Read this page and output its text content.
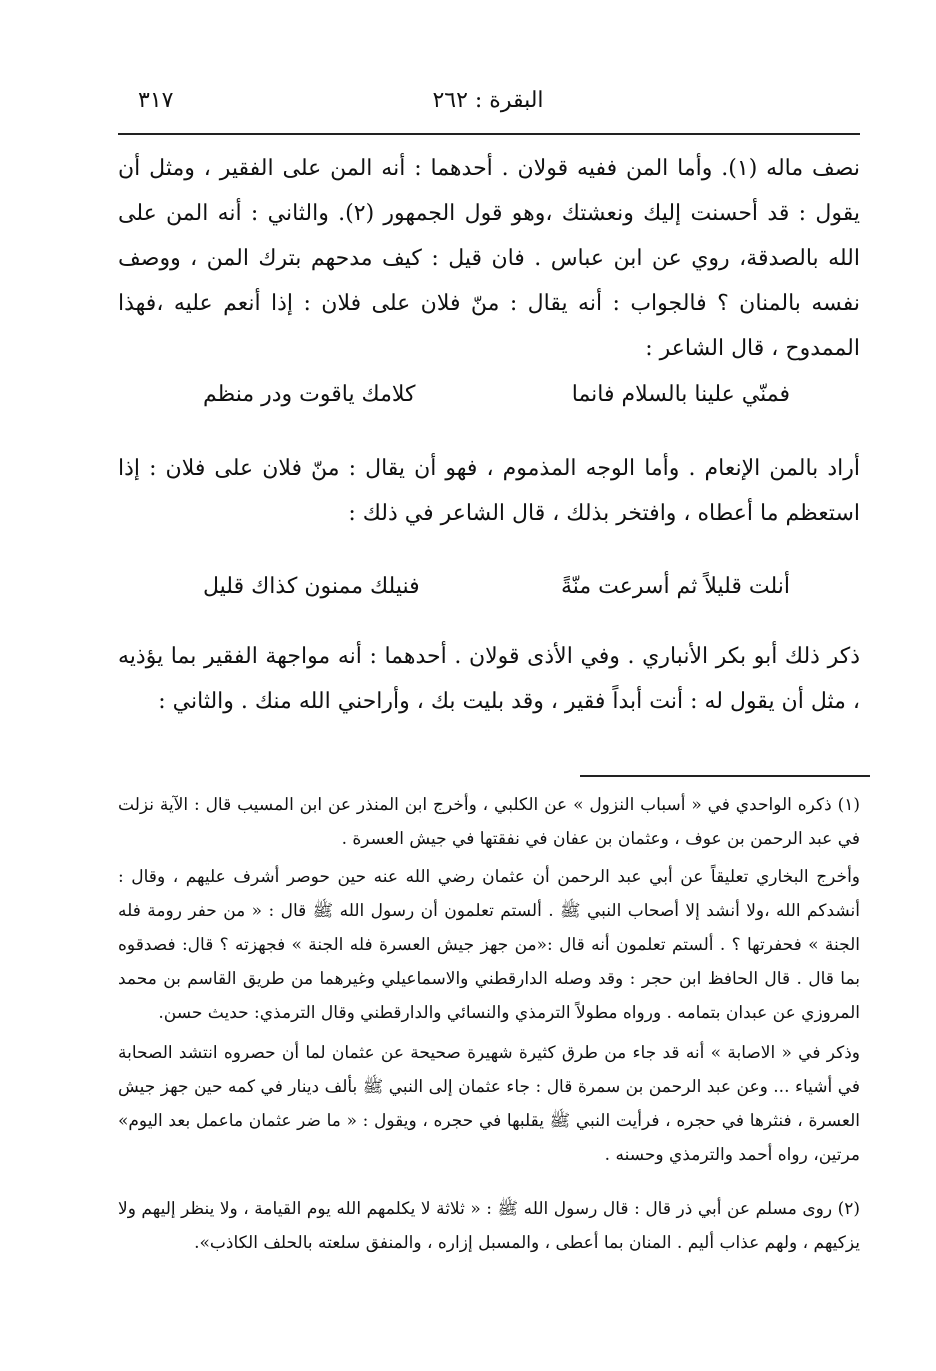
البقرة : ٢٦٢
٣١٧

نصف ماله (١). وأما المن ففيه قولان . أحدهما : أنه المن على الفقير ، ومثل أن يقول : قد أحسنت إليك ونعشتك ،وهو قول الجمهور (٢). والثاني : أنه المن على الله بالصدقة، روي عن ابن عباس . فان قيل : كيف مدحهم بترك المن ، ووصف نفسه بالمنان ؟ فالجواب : أنه يقال : منّ فلان على فلان : إذا أنعم عليه ،فهذا الممدوح ، قال الشاعر :

فمنّي علينا بالسلام فانما
كلامك ياقوت ودر منظم

أراد بالمن الإنعام . وأما الوجه المذموم ، فهو أن يقال : منّ فلان على فلان : إذا استعظم ما أعطاه ، وافتخر بذلك ، قال الشاعر في ذلك :

أنلت قليلاً ثم أسرعت منّةً
فنيلك ممنون كذاك قليل

ذكر ذلك أبو بكر الأنباري . وفي الأذى قولان . أحدهما : أنه مواجهة الفقير بما يؤذيه ، مثل أن يقول له : أنت أبداً فقير ، وقد بليت بك ، وأراحني الله منك . والثاني :

(١) ذكره الواحدي في « أسباب النزول » عن الكلبي ، وأخرج ابن المنذر عن ابن المسيب قال : الآية نزلت في عبد الرحمن بن عوف ، وعثمان بن عفان في نفقتها في جيش العسرة .

وأخرج البخاري تعليقاً عن أبي عبد الرحمن أن عثمان رضي الله عنه حين حوصر أشرف عليهم ، وقال : أنشدكم الله ،ولا أنشد إلا أصحاب النبي ﷺ . ألستم تعلمون أن رسول الله ﷺ قال : « من حفر رومة فله الجنة » فحفرتها ؟ . ألستم تعلمون أنه قال :«من جهز جيش العسرة فله الجنة » فجهزته ؟ قال: فصدقوه بما قال . قال الحافظ ابن حجر : وقد وصله الدارقطني والاسماعيلي وغيرهما من طريق القاسم بن محمد المروزي عن عبدان بتمامه . ورواه مطولاً الترمذي والنسائي والدارقطني وقال الترمذي: حديث حسن.

وذكر في « الاصابة » أنه قد جاء من طرق كثيرة شهيرة صحيحة عن عثمان لما أن حصروه انتشد الصحابة في أشياء ... وعن عبد الرحمن بن سمرة قال : جاء عثمان إلى النبي ﷺ بألف دينار في كمه حين جهز جيش العسرة ، فنثرها في حجره ، فرأيت النبي ﷺ يقلبها في حجره ، ويقول : « ما ضر عثمان ماعمل بعد اليوم» مرتين، رواه أحمد والترمذي وحسنه .

(٢) روى مسلم عن أبي ذر قال : قال رسول الله ﷺ : « ثلاثة لا يكلمهم الله يوم القيامة ، ولا ينظر إليهم ولا يزكيهم ، ولهم عذاب أليم . المنان بما أعطى ، والمسبل إزاره ، والمنفق سلعته بالحلف الكاذب».
